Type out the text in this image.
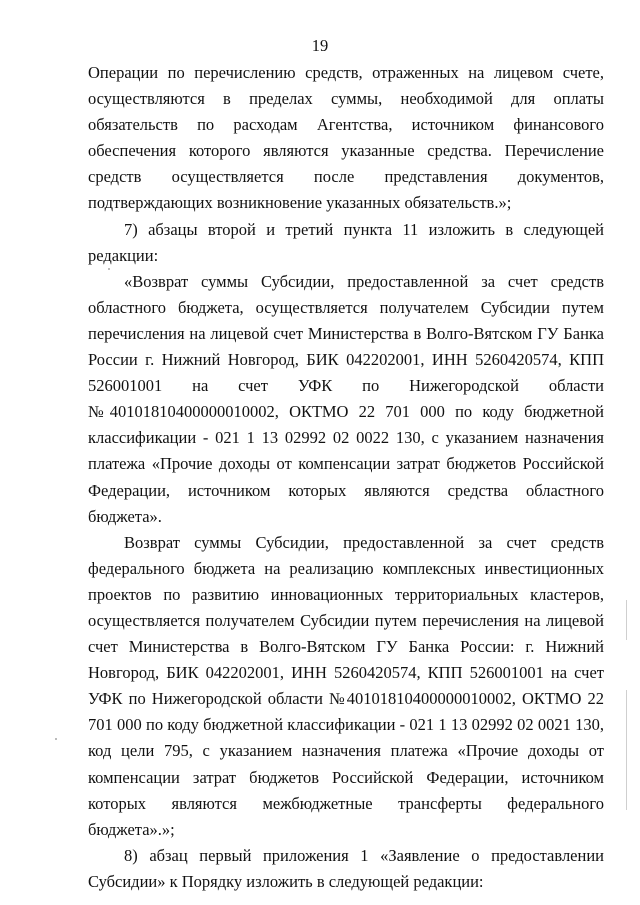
19

Операции по перечислению средств, отраженных на лицевом счете, осуществляются в пределах суммы, необходимой для оплаты обязательств по расходам Агентства, источником финансового обеспечения которого являются указанные средства. Перечисление средств осуществляется после представления документов, подтверждающих возникновение указанных обязательств.»;

7) абзацы второй и третий пункта 11 изложить в следующей редакции:

«Возврат суммы Субсидии, предоставленной за счет средств областного бюджета, осуществляется получателем Субсидии путем перечисления на лицевой счет Министерства в Волго-Вятском ГУ Банка России г. Нижний Новгород, БИК 042202001, ИНН 5260420574, КПП 526001001 на счет УФК по Нижегородской области №40101810400000010002, ОКТМО 22 701 000 по коду бюджетной классификации - 021 1 13 02992 02 0022 130, с указанием назначения платежа «Прочие доходы от компенсации затрат бюджетов Российской Федерации, источником которых являются средства областного бюджета».

Возврат суммы Субсидии, предоставленной за счет средств федерального бюджета на реализацию комплексных инвестиционных проектов по развитию инновационных территориальных кластеров, осуществляется получателем Субсидии путем перечисления на лицевой счет Министерства в Волго-Вятском ГУ Банка России: г. Нижний Новгород, БИК 042202001, ИНН 5260420574, КПП 526001001 на счет УФК по Нижегородской области №40101810400000010002, ОКТМО 22 701 000 по коду бюджетной классификации - 021 1 13 02992 02 0021 130, код цели 795, с указанием назначения платежа «Прочие доходы от компенсации затрат бюджетов Российской Федерации, источником которых являются межбюджетные трансферты федерального бюджета».»;

8) абзац первый приложения 1 «Заявление о предоставлении Субсидии» к Порядку изложить в следующей редакции:
